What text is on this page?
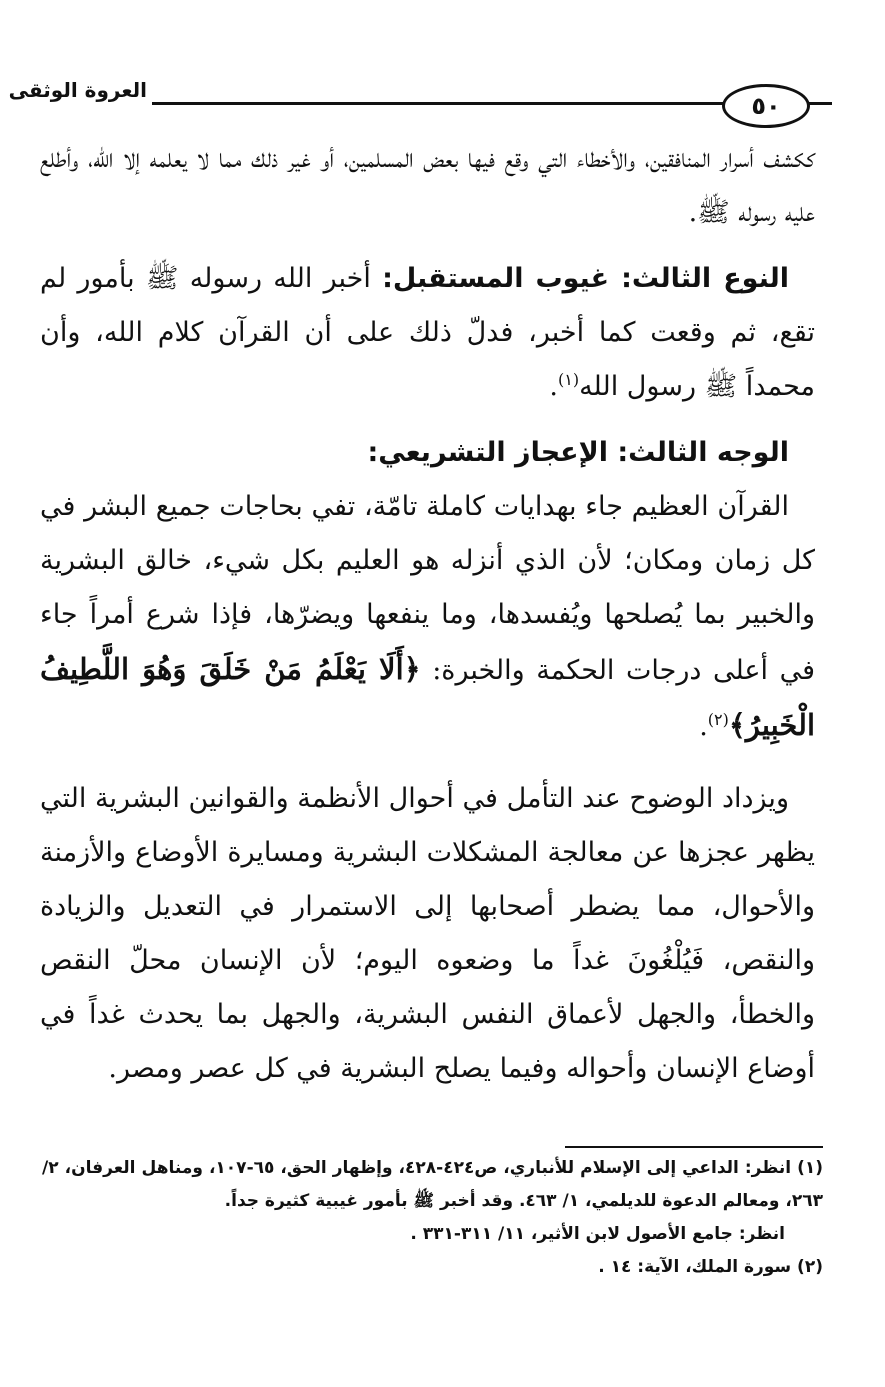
العروة الوثقى
٥٠

ككشف أسرار المنافقين، والأخطاء التي وقع فيها بعض المسلمين، أو غير ذلك مما لا يعلمه إلا الله، وأطلع عليه رسوله ﷺ.

النوع الثالث: غيوب المستقبل: أخبر الله رسوله ﷺ بأمور لم تقع، ثم وقعت كما أخبر، فدلّ ذلك على أن القرآن كلام الله، وأن محمداً ﷺ رسول الله$^{(١)}$.

الوجه الثالث: الإعجاز التشريعي:

القرآن العظيم جاء بهدايات كاملة تامّة، تفي بحاجات جميع البشر في كل زمان ومكان؛ لأن الذي أنزله هو العليم بكل شيء، خالق البشرية والخبير بما يُصلحها ويُفسدها، وما ينفعها ويضرّها، فإذا شرع أمراً جاء في أعلى درجات الحكمة والخبرة: ﴿أَلَا يَعْلَمُ مَنْ خَلَقَ وَهُوَ اللَّطِيفُ الْخَبِيرُ﴾$^{(٢)}$.

ويزداد الوضوح عند التأمل في أحوال الأنظمة والقوانين البشرية التي يظهر عجزها عن معالجة المشكلات البشرية ومسايرة الأوضاع والأزمنة والأحوال، مما يضطر أصحابها إلى الاستمرار في التعديل والزيادة والنقص، فَيُلْغُونَ غداً ما وضعوه اليوم؛ لأن الإنسان محلّ النقص والخطأ، والجهل لأعماق النفس البشرية، والجهل بما يحدث غداً في أوضاع الإنسان وأحواله وفيما يصلح البشرية في كل عصر ومصر.

(١) انظر: الداعي إلى الإسلام للأنباري، ص٤٢٤-٤٢٨، وإظهار الحق، ٦٥-١٠٧، ومناهل العرفان، ٢/ ٢٦٣، ومعالم الدعوة للديلمي، ١/ ٤٦٣. وقد أخبر ﷺ بأمور غيبية كثيرة جداً.

انظر: جامع الأصول لابن الأثير، ١١/ ٣١١-٣٣١ .

(٢) سورة الملك، الآية: ١٤ .
